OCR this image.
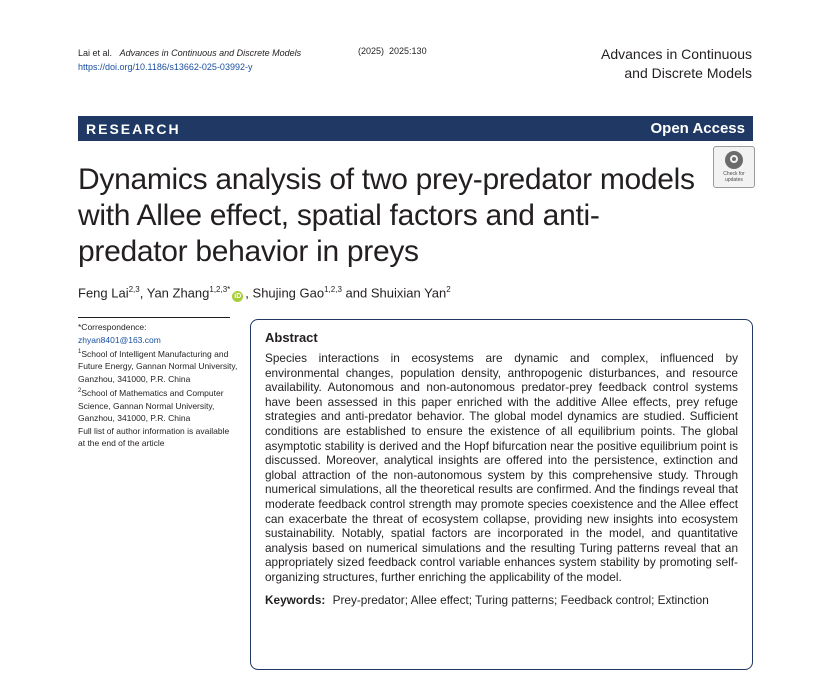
Lai et al. Advances in Continuous and Discrete Models
https://doi.org/10.1186/s13662-025-03992-y
(2025) 2025:130	Advances in Continuous
and Discrete Models
RESEARCH	Open Access
Check for
updates
Dynamics analysis of two prey-predator models with Allee effect, spatial factors and anti-predator behavior in preys
Feng Lai$^{2,3}$, Yan Zhang$^{1,2,3*}$iD , Shujing Gao$^{1,2,3}$ and Shuixian Yan$^2$
*Correspondence:
zhyan8401@163.com
$^1$School of Intelligent Manufacturing and Future Energy, Gannan Normal University, Ganzhou, 341000, P.R. China
$^2$School of Mathematics and Computer Science, Gannan Normal University, Ganzhou, 341000, P.R. China
Full list of author information is available at the end of the article
Abstract
Species interactions in ecosystems are dynamic and complex, influenced by environmental changes, population density, anthropogenic disturbances, and resource availability. Autonomous and non-autonomous predator-prey feedback control systems have been assessed in this paper enriched with the additive Allee effects, prey refuge strategies and anti-predator behavior. The global model dynamics are studied. Sufficient conditions are established to ensure the existence of all equilibrium points. The global asymptotic stability is derived and the Hopf bifurcation near the positive equilibrium point is discussed. Moreover, analytical insights are offered into the persistence, extinction and global attraction of the non-autonomous system by this comprehensive study. Through numerical simulations, all the theoretical results are confirmed. And the findings reveal that moderate feedback control strength may promote species coexistence and the Allee effect can exacerbate the threat of ecosystem collapse, providing new insights into ecosystem sustainability. Notably, spatial factors are incorporated in the model, and quantitative analysis based on numerical simulations and the resulting Turing patterns reveal that an appropriately sized feedback control variable enhances system stability by promoting self-organizing structures, further enriching the applicability of the model.
Keywords: Prey-predator; Allee effect; Turing patterns; Feedback control; Extinction
